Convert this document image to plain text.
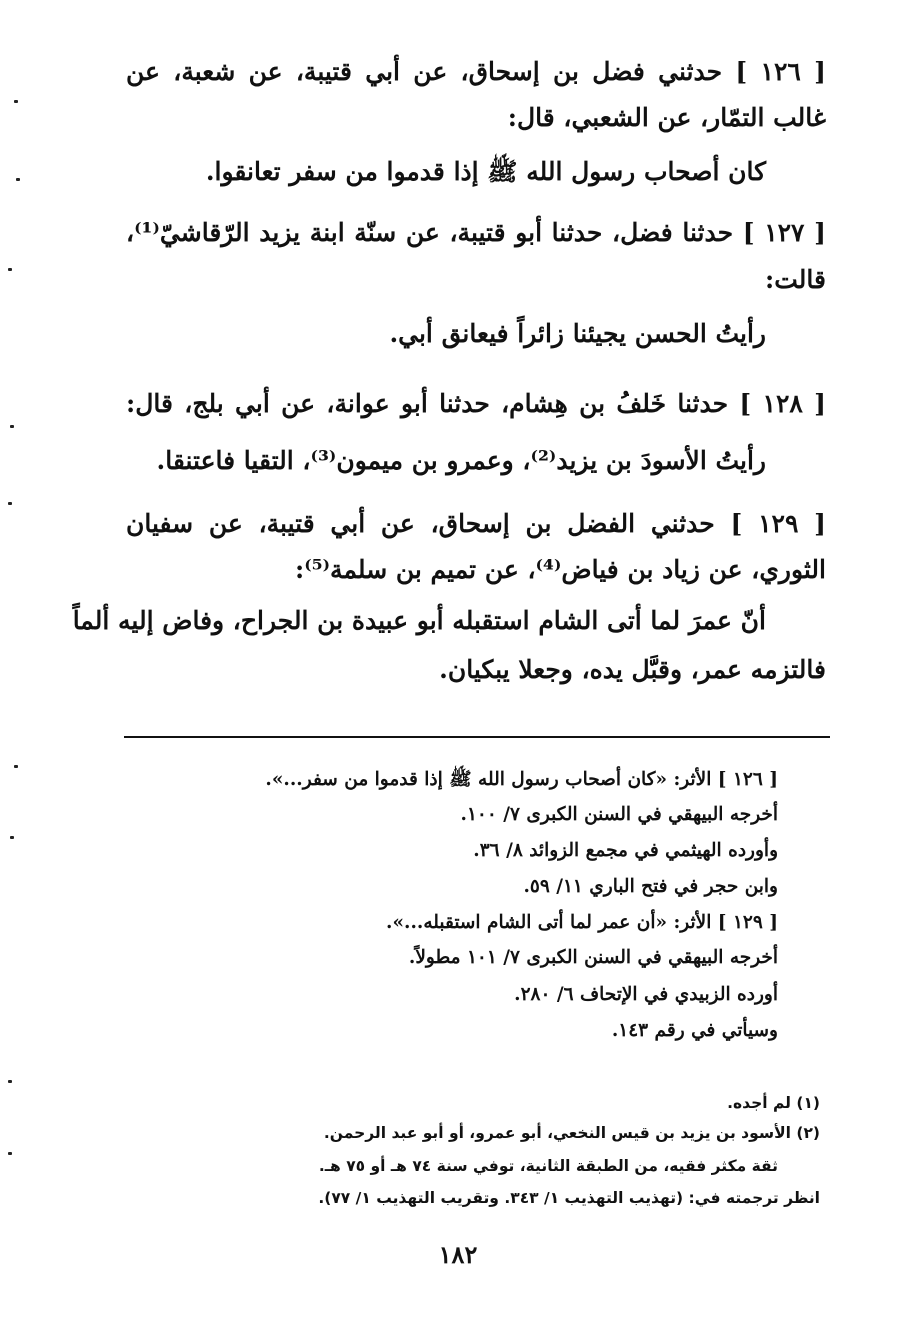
[ ١٢٦ ] حدثني فضل بن إسحاق، عن أبي قتيبة، عن شعبة، عن
غالب التمّار، عن الشعبي، قال:
كان أصحاب رسول الله ﷺ إذا قدموا من سفر تعانقوا.
[ ١٢٧ ] حدثنا فضل، حدثنا أبو قتيبة، عن سنّة ابنة يزيد الرّقاشيّ⁽¹⁾،
قالت:
رأيتُ الحسن يجيئنا زائراً فيعانق أبي.
[ ١٢٨ ] حدثنا خَلفُ بن هِشام، حدثنا أبو عوانة، عن أبي بلج، قال:
رأيتُ الأسودَ بن يزيد⁽²⁾، وعمرو بن ميمون⁽³⁾، التقيا فاعتنقا.
[ ١٢٩ ] حدثني الفضل بن إسحاق، عن أبي قتيبة، عن سفيان
الثوري، عن زياد بن فياض⁽⁴⁾، عن تميم بن سلمة⁽⁵⁾:
أنّ عمرَ لما أتى الشام استقبله أبو عبيدة بن الجراح، وفاض إليه ألماً
فالتزمه عمر، وقبَّل يده، وجعلا يبكيان.
[ ١٢٦ ] الأثر: «كان أصحاب رسول الله ﷺ إذا قدموا من سفر...».
أخرجه البيهقي في السنن الكبرى ٧/ ١٠٠.
وأورده الهيثمي في مجمع الزوائد ٨/ ٣٦.
وابن حجر في فتح الباري ١١/ ٥٩.
[ ١٢٩ ] الأثر: «أن عمر لما أتى الشام استقبله...».
أخرجه البيهقي في السنن الكبرى ٧/ ١٠١ مطولاً.
أورده الزبيدي في الإتحاف ٦/ ٢٨٠.
وسيأتي في رقم ١٤٣.
(١) لم أجده.
(٢) الأسود بن يزيد بن قيس النخعي، أبو عمرو، أو أبو عبد الرحمن.
ثقة مكثر فقيه، من الطبقة الثانية، توفي سنة ٧٤ هـ أو ٧٥ هـ.
انظر ترجمته في: (تهذيب التهذيب ١/ ٣٤٣. وتقريب التهذيب ١/ ٧٧).
١٨٢
